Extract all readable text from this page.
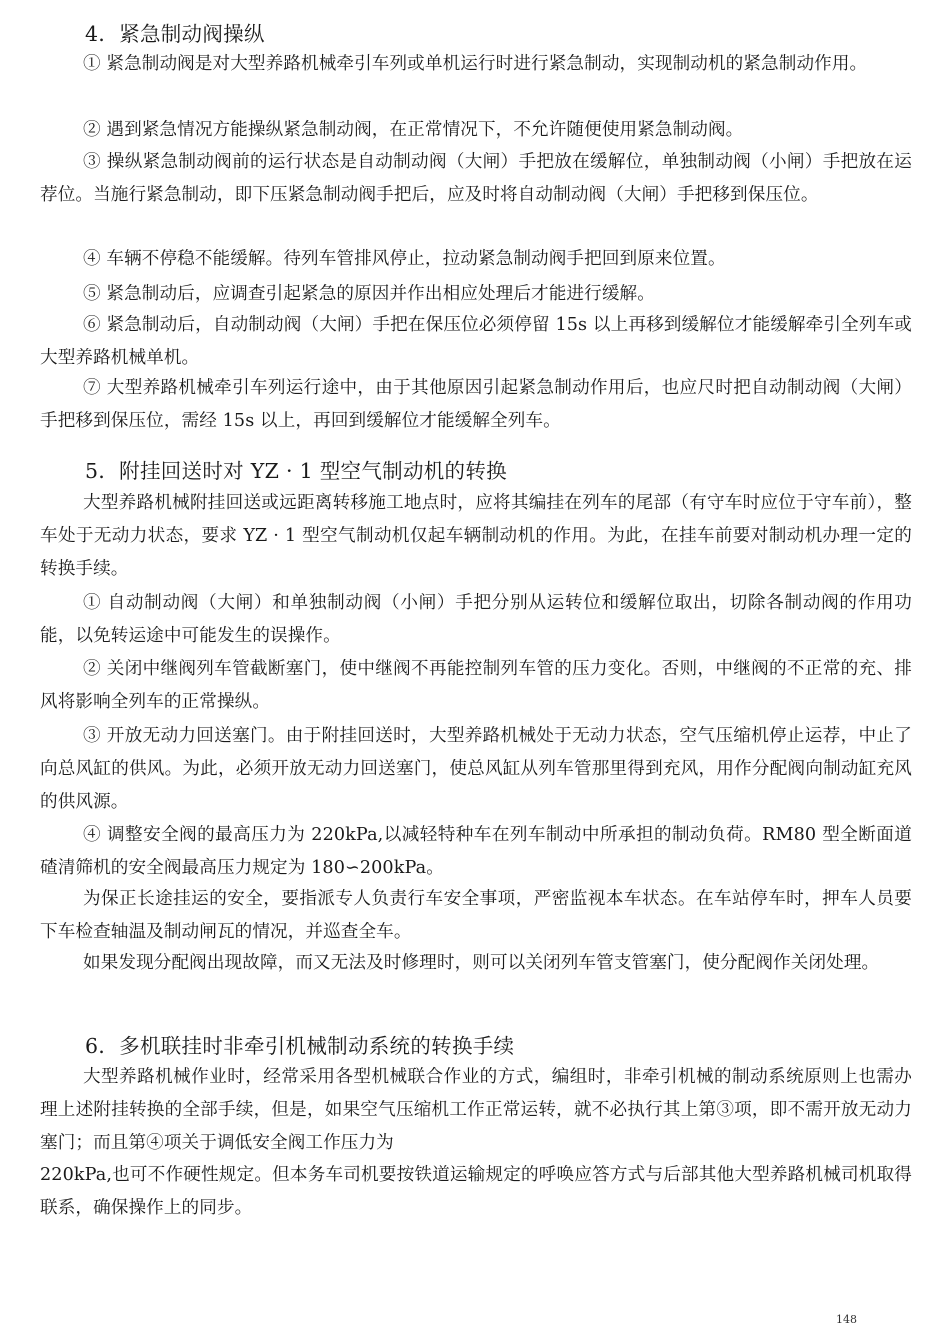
4．紧急制动阀操纵
① 紧急制动阀是对大型养路机械牵引车列或单机运行时进行紧急制动，实现制动机的紧急制动作用。
② 遇到紧急情况方能操纵紧急制动阀，在正常情况下，不允许随便使用紧急制动阀。
③ 操纵紧急制动阀前的运行状态是自动制动阀（大闸）手把放在缓解位，单独制动阀（小闸）手把放在运荐位。当施行紧急制动，即下压紧急制动阀手把后，应及时将自动制动阀（大闸）手把移到保压位。
④ 车辆不停稳不能缓解。待列车管排风停止，拉动紧急制动阀手把回到原来位置。
⑤ 紧急制动后，应调查引起紧急的原因并作出相应处理后才能进行缓解。
⑥ 紧急制动后，自动制动阀（大闸）手把在保压位必须停留 15s 以上再移到缓解位才能缓解牵引全列车或大型养路机械单机。
⑦ 大型养路机械牵引车列运行途中，由于其他原因引起紧急制动作用后，也应尺时把自动制动阀（大闸）手把移到保压位，需经 15s 以上，再回到缓解位才能缓解全列车。
5．附挂回送时对 YZ · 1 型空气制动机的转换
大型养路机械附挂回送或远距离转移施工地点时，应将其编挂在列车的尾部（有守车时应位于守车前），整车处于无动力状态，要求 YZ · 1 型空气制动机仅起车辆制动机的作用。为此，在挂车前要对制动机办理一定的转换手续。
① 自动制动阀（大闸）和单独制动阀（小闸）手把分别从运转位和缓解位取出，切除各制动阀的作用功能，以免转运途中可能发生的误操作。
② 关闭中继阀列车管截断塞门，使中继阀不再能控制列车管的压力变化。否则，中继阀的不正常的充、排风将影响全列车的正常操纵。
③ 开放无动力回送塞门。由于附挂回送时，大型养路机械处于无动力状态，空气压缩机停止运荐，中止了向总风缸的供风。为此，必须开放无动力回送塞门，使总风缸从列车管那里得到充风，用作分配阀向制动缸充风的供风源。
④ 调整安全阀的最高压力为 220kPa,以减轻特种车在列车制动中所承担的制动负荷。RM80 型全断面道碴清筛机的安全阀最高压力规定为 180∽200kPa。
为保正长途挂运的安全，要指派专人负责行车安全事项，严密监视本车状态。在车站停车时，押车人员要下车检查轴温及制动闸瓦的情况，并巡查全车。
如果发现分配阀出现故障，而又无法及时修理时，则可以关闭列车管支管塞门，使分配阀作关闭处理。
6．多机联挂时非牵引机械制动系统的转换手续
大型养路机械作业时，经常采用各型机械联合作业的方式，编组时，非牵引机械的制动系统原则上也需办理上述附挂转换的全部手续，但是，如果空气压缩机工作正常运转，就不必执行其上第③项，即不需开放无动力塞门；而且第④项关于调低安全阀工作压力为
220kPa,也可不作硬性规定。但本务车司机要按铁道运输规定的呼唤应答方式与后部其他大型养路机械司机取得联系，确保操作上的同步。
148
